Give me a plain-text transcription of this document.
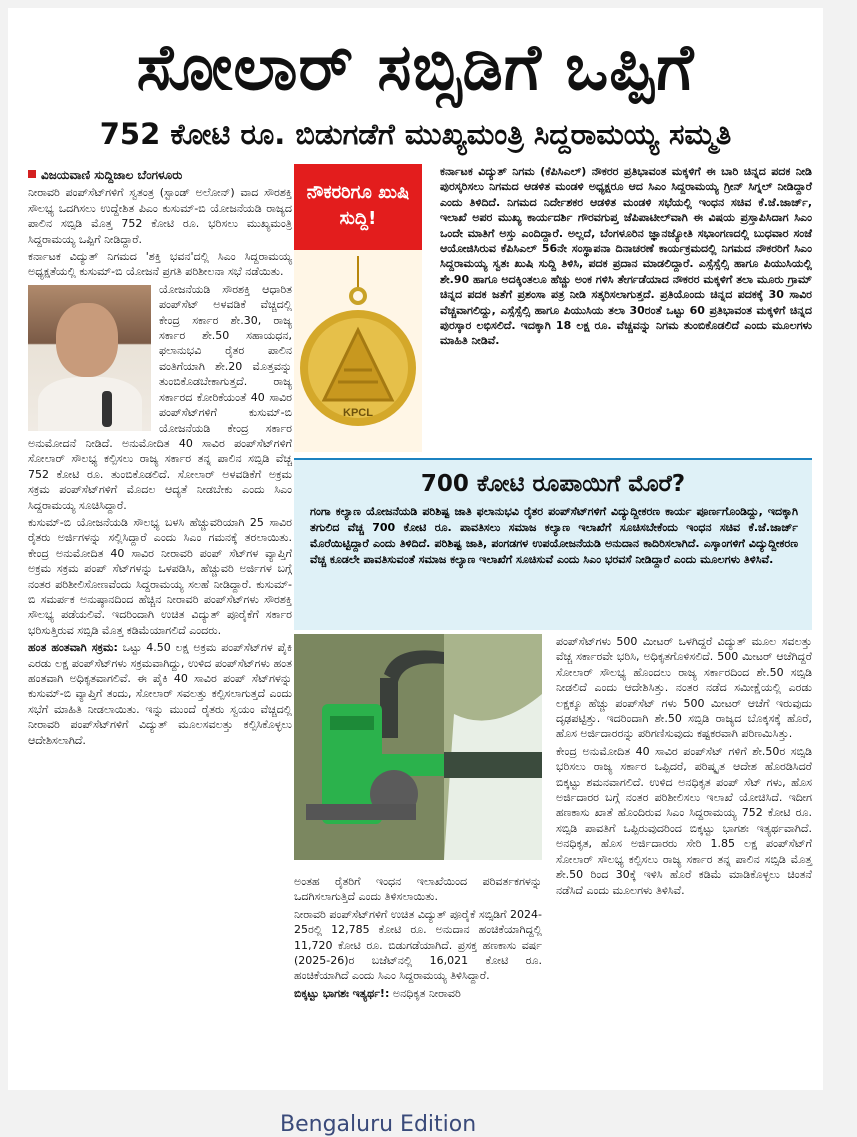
ಸೋಲಾರ್ ಸಬ್ಸಿಡಿಗೆ ಒಪ್ಪಿಗೆ
752 ಕೋಟಿ ರೂ. ಬಿಡುಗಡೆಗೆ ಮುಖ್ಯಮಂತ್ರಿ ಸಿದ್ದರಾಮಯ್ಯ ಸಮ್ಮತಿ

ವಿಜಯವಾಣಿ ಸುದ್ದಿಜಾಲ ಬೆಂಗಳೂರು

ನೀರಾವರಿ ಪಂಪ್‌ಸೆಟ್‌ಗಳಿಗೆ ಸ್ವತಂತ್ರ (ಸ್ಟಾಂಡ್ ಅಲೋನ್) ವಾದ ಸೌರಶಕ್ತಿ ಸೌಲಭ್ಯ ಒದಗಿಸಲು ಉದ್ದೇಶಿತ ಪಿಎಂ ಕುಸುಮ್-ಬಿ ಯೋಜನೆಯಡಿ ರಾಜ್ಯದ ಪಾಲಿನ ಸಬ್ಸಿಡಿ ಮೊತ್ತ 752 ಕೋಟಿ ರೂ. ಭರಿಸಲು ಮುಖ್ಯಮಂತ್ರಿ ಸಿದ್ದರಾಮಯ್ಯ ಒಪ್ಪಿಗೆ ನೀಡಿದ್ದಾರೆ.

ಕರ್ನಾಟಕ ವಿದ್ಯುತ್ ನಿಗಮದ 'ಶಕ್ತಿ ಭವನ'ದಲ್ಲಿ ಸಿಎಂ ಸಿದ್ದರಾಮಯ್ಯ ಅಧ್ಯಕ್ಷತೆಯಲ್ಲಿ ಕುಸುಮ್-ಬಿ ಯೋಜನೆ ಪ್ರಗತಿ ಪರಿಶೀಲನಾ ಸಭೆ ನಡೆಯಿತು.

ಯೋಜನೆಯಡಿ ಸೌರಶಕ್ತಿ ಆಧಾರಿತ ಪಂಪ್‌ಸೆಟ್ ಅಳವಡಿಕೆ ವೆಚ್ಚದಲ್ಲಿ ಕೇಂದ್ರ ಸರ್ಕಾರ ಶೇ.30, ರಾಜ್ಯ ಸರ್ಕಾರ ಶೇ.50 ಸಹಾಯಧನ, ಫಲಾನುಭವಿ ರೈತರ ಪಾಲಿನ ವಂತಿಗೆಯಾಗಿ ಶೇ.20 ಮೊತ್ತವನ್ನು ತುಂಬಿಕೊಡಬೇಕಾಗುತ್ತದೆ. ರಾಜ್ಯ ಸರ್ಕಾರದ ಕೋರಿಕೆಯಂತೆ 40 ಸಾವಿರ ಪಂಪ್‌ಸೆಟ್‌ಗಳಿಗೆ ಕುಸುಮ್-ಬಿ ಯೋಜನೆಯಡಿ ಕೇಂದ್ರ ಸರ್ಕಾರ ಅನುಮೋದನೆ ನೀಡಿದೆ. ಅನುಮೋದಿತ 40 ಸಾವಿರ ಪಂಪ್‌ಸೆಟ್‌ಗಳಿಗೆ ಸೋಲಾರ್ ಸೌಲಭ್ಯ ಕಲ್ಪಿಸಲು ರಾಜ್ಯ ಸರ್ಕಾರ ತನ್ನ ಪಾಲಿನ ಸಬ್ಸಿಡಿ ವೆಚ್ಚ 752 ಕೋಟಿ ರೂ. ತುಂಬಿಕೊಡಲಿದೆ. ಸೋಲಾರ್ ಅಳವಡಿಕೆಗೆ ಅಕ್ರಮ ಸಕ್ರಮ ಪಂಪ್‌ಸೆಟ್‌ಗಳಿಗೆ ಮೊದಲ ಆದ್ಯತೆ ನೀಡಬೇಕು ಎಂದು ಸಿಎಂ ಸಿದ್ದರಾಮಯ್ಯ ಸೂಚಿಸಿದ್ದಾರೆ.

ಕುಸುಮ್-ಬಿ ಯೋಜನೆಯಡಿ ಸೌಲಭ್ಯ ಬಳಸಿ ಹೆಚ್ಚುವರಿಯಾಗಿ 25 ಸಾವಿರ ರೈತರು ಅರ್ಜಿಗಳನ್ನು ಸಲ್ಲಿಸಿದ್ದಾರೆ ಎಂದು ಸಿಎಂ ಗಮನಕ್ಕೆ ತರಲಾಯಿತು. ಕೇಂದ್ರ ಅನುಮೋದಿತ 40 ಸಾವಿರ ನೀರಾವರಿ ಪಂಪ್ ಸೆಟ್‌ಗಳ ವ್ಯಾಪ್ತಿಗೆ ಅಕ್ರಮ ಸಕ್ರಮ ಪಂಪ್ ಸೆಟ್‌ಗಳನ್ನು ಒಳಪಡಿಸಿ, ಹೆಚ್ಚುವರಿ ಅರ್ಜಿಗಳ ಬಗ್ಗೆ ನಂತರ ಪರಿಶೀಲಿಸೋಣವೆಂದು ಸಿದ್ದರಾಮಯ್ಯ ಸಲಹೆ ನೀಡಿದ್ದಾರೆ. ಕುಸುಮ್-ಬಿ ಸಮರ್ಪಕ ಅನುಷ್ಠಾನದಿಂದ ಹೆಚ್ಚಿನ ನೀರಾವರಿ ಪಂಪ್‌ಸೆಟ್‌ಗಳು ಸೌರಶಕ್ತಿ ಸೌಲಭ್ಯ ಪಡೆಯಲಿವೆ. ಇದರಿಂದಾಗಿ ಉಚಿತ ವಿದ್ಯುತ್ ಪೂರೈಕೆಗೆ ಸರ್ಕಾರ ಭರಿಸುತ್ತಿರುವ ಸಬ್ಸಿಡಿ ಮೊತ್ತ ಕಡಿಮೆಯಾಗಲಿದೆ ಎಂದರು.

ಹಂತ ಹಂತವಾಗಿ ಸಕ್ರಮ: ಒಟ್ಟು 4.50 ಲಕ್ಷ ಅಕ್ರಮ ಪಂಪ್‌ಸೆಟ್‌ಗಳ ಪೈಕಿ ಎರಡು ಲಕ್ಷ ಪಂಪ್‌ಸೆಟ್‌ಗಳು ಸಕ್ರಮವಾಗಿದ್ದು, ಉಳಿದ ಪಂಪ್‌ಸೆಟ್‌ಗಳು ಹಂತ ಹಂತವಾಗಿ ಅಧಿಕೃತವಾಗಲಿವೆ. ಈ ಪೈಕಿ 40 ಸಾವಿರ ಪಂಪ್ ಸೆಟ್‌ಗಳನ್ನು ಕುಸುಮ್-ಬಿ ವ್ಯಾಪ್ತಿಗೆ ತಂದು, ಸೋಲಾರ್ ಸವಲತ್ತು ಕಲ್ಪಿಸಲಾಗುತ್ತದೆ ಎಂದು ಸಭೆಗೆ ಮಾಹಿತಿ ನೀಡಲಾಯಿತು. ಇನ್ನು ಮುಂದೆ ರೈತರು ಸ್ವಯಂ ವೆಚ್ಚದಲ್ಲಿ ನೀರಾವರಿ ಪಂಪ್‌ಸೆಟ್‌ಗಳಿಗೆ ವಿದ್ಯುತ್ ಮೂಲಸವಲತ್ತು ಕಲ್ಪಿಸಿಕೊಳ್ಳಲು ಆದೇಶಿಸಲಾಗಿದೆ.

ನೌಕರರಿಗೂ ಖುಷಿ ಸುದ್ದಿ!
KPCL

ಕರ್ನಾಟಕ ವಿದ್ಯುತ್ ನಿಗಮ (ಕೆಪಿಸಿಎಲ್) ನೌಕರರ ಪ್ರತಿಭಾವಂತ ಮಕ್ಕಳಿಗೆ ಈ ಬಾರಿ ಚಿನ್ನದ ಪದಕ ನೀಡಿ ಪುರಸ್ಕರಿಸಲು ನಿಗಮದ ಆಡಳಿತ ಮಂಡಳಿ ಅಧ್ಯಕ್ಷರೂ ಆದ ಸಿಎಂ ಸಿದ್ದರಾಮಯ್ಯ ಗ್ರೀನ್ ಸಿಗ್ನಲ್ ನೀಡಿದ್ದಾರೆ ಎಂದು ತಿಳಿದಿದೆ. ನಿಗಮದ ನಿರ್ದೇಶಕರ ಆಡಳಿತ ಮಂಡಳಿ ಸಭೆಯಲ್ಲಿ ಇಂಧನ ಸಚಿವ ಕೆ.ಜೆ.ಜಾರ್ಜ್, ಇಲಾಖೆ ಅಪರ ಮುಖ್ಯ ಕಾರ್ಯದರ್ಶಿ ಗೌರವಗುಪ್ತ ಜೆಪಿಪಾಟೀಲ್‌ವಾಗಿ ಈ ವಿಷಯ ಪ್ರಸ್ತಾಪಿಸಿದಾಗ ಸಿಎಂ ಒಂದೇ ಮಾತಿಗೆ ಅಸ್ತು ಎಂದಿದ್ದಾರೆ. ಅಲ್ಲದೆ, ಬೆಂಗಳೂರಿನ ಜ್ಞಾನಜ್ಯೋತಿ ಸಭಾಂಗಣದಲ್ಲಿ ಬುಧವಾರ ಸಂಜೆ ಆಯೋಜಿಸಿರುವ ಕೆಪಿಸಿಎಲ್ 56ನೇ ಸಂಸ್ಥಾಪನಾ ದಿನಾಚರಣೆ ಕಾರ್ಯಕ್ರಮದಲ್ಲಿ ನಿಗಮದ ನೌಕರರಿಗೆ ಸಿಎಂ ಸಿದ್ದರಾಮಯ್ಯ ಸ್ವತಃ ಖುಷಿ ಸುದ್ದಿ ತಿಳಿಸಿ, ಪದಕ ಪ್ರದಾನ ಮಾಡಲಿದ್ದಾರೆ. ಎಸ್ಸೆಸ್ಸೆಲ್ಸಿ ಹಾಗೂ ಪಿಯುಸಿಯಲ್ಲಿ ಶೇ.90 ಹಾಗೂ ಅದಕ್ಕಿಂತಲೂ ಹೆಚ್ಚು ಅಂಕ ಗಳಿಸಿ ತೇರ್ಗಡೆಯಾದ ನೌಕರರ ಮಕ್ಕಳಿಗೆ ತಲಾ ಮೂರು ಗ್ರಾಮ್ ಚಿನ್ನದ ಪದಕ ಜತೆಗೆ ಪ್ರಶಂಸಾ ಪತ್ರ ನೀಡಿ ಸತ್ಕರಿಸಲಾಗುತ್ತದೆ. ಪ್ರತಿಯೊಂದು ಚಿನ್ನದ ಪದಕಕ್ಕೆ 30 ಸಾವಿರ ವೆಚ್ಚವಾಗಲಿದ್ದು, ಎಸ್ಸೆಸ್ಸೆಲ್ಸಿ ಹಾಗೂ ಪಿಯುಸಿಯ ತಲಾ 30ರಂತೆ ಒಟ್ಟು 60 ಪ್ರತಿಭಾವಂತ ಮಕ್ಕಳಿಗೆ ಚಿನ್ನದ ಪುರಸ್ಕಾರ ಲಭಿಸಲಿದೆ. ಇದಕ್ಕಾಗಿ 18 ಲಕ್ಷ ರೂ. ವೆಚ್ಚವನ್ನು ನಿಗಮ ತುಂಬಿಕೊಡಲಿದೆ ಎಂದು ಮೂಲಗಳು ಮಾಹಿತಿ ನೀಡಿವೆ.

700 ಕೋಟಿ ರೂಪಾಯಿಗೆ ಮೊರೆ?
ಗಂಗಾ ಕಲ್ಯಾಣ ಯೋಜನೆಯಡಿ ಪರಿಶಿಷ್ಟ ಜಾತಿ ಫಲಾನುಭವಿ ರೈತರ ಪಂಪ್‌ಸೆಟ್‌ಗಳಿಗೆ ವಿದ್ಯುದ್ದೀಕರಣ ಕಾರ್ಯ ಪೂರ್ಣಗೊಂಡಿದ್ದು, ಇದಕ್ಕಾಗಿ ತಗುಲಿದ ವೆಚ್ಚ 700 ಕೋಟಿ ರೂ. ಪಾವತಿಸಲು ಸಮಾಜ ಕಲ್ಯಾಣ ಇಲಾಖೆಗೆ ಸೂಚಿಸಬೇಕೆಂದು ಇಂಧನ ಸಚಿವ ಕೆ.ಜೆ.ಜಾರ್ಜ್ ಮೊರೆಯಿಟ್ಟಿದ್ದಾರೆ ಎಂದು ತಿಳಿದಿದೆ. ಪರಿಶಿಷ್ಟ ಜಾತಿ, ಪಂಗಡಗಳ ಉಪಯೋಜನೆಯಡಿ ಅನುದಾನ ಕಾದಿರಿಸಲಾಗಿದೆ. ಎಸ್ಕಾಂಗಳಿಗೆ ವಿದ್ಯುದ್ದೀಕರಣ ವೆಚ್ಚ ಕೂಡಲೇ ಪಾವತಿಸುವಂತೆ ಸಮಾಜ ಕಲ್ಯಾಣ ಇಲಾಖೆಗೆ ಸೂಚಿಸುವೆ ಎಂದು ಸಿಎಂ ಭರವಸೆ ನೀಡಿದ್ದಾರೆ ಎಂದು ಮೂಲಗಳು ತಿಳಿಸಿವೆ.

ಅಂತಹ ರೈತರಿಗೆ ಇಂಧನ ಇಲಾಖೆಯಿಂದ ಪರಿವರ್ತಕಗಳನ್ನು ಒದಗಿಸಲಾಗುತ್ತಿದೆ ಎಂದು ತಿಳಿಸಲಾಯಿತು.

ನೀರಾವರಿ ಪಂಪ್‌ಸೆಟ್‌ಗಳಿಗೆ ಉಚಿತ ವಿದ್ಯುತ್ ಪೂರೈಕೆ ಸಬ್ಸಿಡಿಗೆ 2024-25ರಲ್ಲಿ 12,785 ಕೋಟಿ ರೂ. ಅನುದಾನ ಹಂಚಿಕೆಯಾಗಿದ್ದಲ್ಲಿ 11,720 ಕೋಟಿ ರೂ. ಬಿಡುಗಡೆಯಾಗಿದೆ. ಪ್ರಸಕ್ತ ಹಣಕಾಸು ವರ್ಷ (2025-26)ರ ಬಜೆಟ್‌ನಲ್ಲಿ 16,021 ಕೋಟಿ ರೂ. ಹಂಚಿಕೆಯಾಗಿದೆ ಎಂದು ಸಿಎಂ ಸಿದ್ದರಾಮಯ್ಯ ತಿಳಿಸಿದ್ದಾರೆ.

ಬಿಕ್ಕಟ್ಟು ಭಾಗಶಃ ಇತ್ಯರ್ಥ!: ಅನಧಿಕೃತ ನೀರಾವರಿ

ಪಂಪ್‌ಸೆಟ್‌ಗಳು 500 ಮೀಟರ್ ಒಳಗಿದ್ದರೆ ವಿದ್ಯುತ್ ಮೂಲ ಸವಲತ್ತು ವೆಚ್ಚ ಸರ್ಕಾರವೇ ಭರಿಸಿ, ಅಧಿಕೃತಗೊಳಿಸಲಿದೆ. 500 ಮೀಟರ್ ಆಚೆಗಿದ್ದರೆ ಸೋಲಾರ್ ಸೌಲಭ್ಯ ಹೊಂದಲು ರಾಜ್ಯ ಸರ್ಕಾರದಿಂದ ಶೇ.50 ಸಬ್ಸಿಡಿ ನೀಡಲಿದೆ ಎಂದು ಆದೇಶಿಸಿತ್ತು. ನಂತರ ನಡೆದ ಸಮೀಕ್ಷೆಯಲ್ಲಿ ಎರಡು ಲಕ್ಷಕ್ಕೂ ಹೆಚ್ಚು ಪಂಪ್‌ಸೆಟ್ ಗಳು 500 ಮೀಟರ್ ಆಚೆಗೆ ಇರುವುದು ದೃಢಪಟ್ಟಿತ್ತು. ಇದರಿಂದಾಗಿ ಶೇ.50 ಸಬ್ಸಿಡಿ ರಾಜ್ಯದ ಬೊಕ್ಕಸಕ್ಕೆ ಹೊರೆ, ಹೊಸ ಅರ್ಜಿದಾರರನ್ನು ಪರಿಗಣಿಸುವುದು ಕಷ್ಟಕರವಾಗಿ ಪರಿಣಮಿಸಿತ್ತು.

ಕೇಂದ್ರ ಅನುಮೋದಿತ 40 ಸಾವಿರ ಪಂಪ್‌ಸೆಟ್ ಗಳಿಗೆ ಶೇ.50ರ ಸಬ್ಸಿಡಿ ಭರಿಸಲು ರಾಜ್ಯ ಸರ್ಕಾರ ಒಪ್ಪಿದರೆ, ಪರಿಷ್ಕೃತ ಆದೇಶ ಹೊರಡಿಸಿದರೆ ಬಿಕ್ಕಟ್ಟು ಶಮನವಾಗಲಿದೆ. ಉಳಿದ ಅನಧಿಕೃತ ಪಂಪ್ ಸೆಟ್ ಗಳು, ಹೊಸ ಅರ್ಜಿದಾರರ ಬಗ್ಗೆ ನಂತರ ಪರಿಶೀಲಿಸಲು ಇಲಾಖೆ ಯೋಚಿಸಿದೆ. ಇದೀಗ ಹಣಕಾಸು ಖಾತೆ ಹೊಂದಿರುವ ಸಿಎಂ ಸಿದ್ದರಾಮಯ್ಯ 752 ಕೋಟಿ ರೂ. ಸಬ್ಸಿಡಿ ಪಾವತಿಗೆ ಒಪ್ಪಿರುವುದರಿಂದ ಬಿಕ್ಕಟ್ಟು ಭಾಗಶಃ ಇತ್ಯರ್ಥವಾಗಿದೆ. ಅನಧಿಕೃತ, ಹೊಸ ಅರ್ಜಿದಾರರು ಸೇರಿ 1.85 ಲಕ್ಷ ಪಂಪ್‌ಸೆಟ್‌ಗೆ ಸೋಲಾರ್ ಸೌಲಭ್ಯ ಕಲ್ಪಿಸಲು ರಾಜ್ಯ ಸರ್ಕಾರ ತನ್ನ ಪಾಲಿನ ಸಬ್ಸಿಡಿ ಮೊತ್ತ ಶೇ.50 ರಿಂದ 30ಕ್ಕೆ ಇಳಿಸಿ ಹೊರೆ ಕಡಿಮೆ ಮಾಡಿಕೊಳ್ಳಲು ಚಿಂತನೆ ನಡೆಸಿದೆ ಎಂದು ಮೂಲಗಳು ತಿಳಿಸಿವೆ.

Bengaluru Edition
